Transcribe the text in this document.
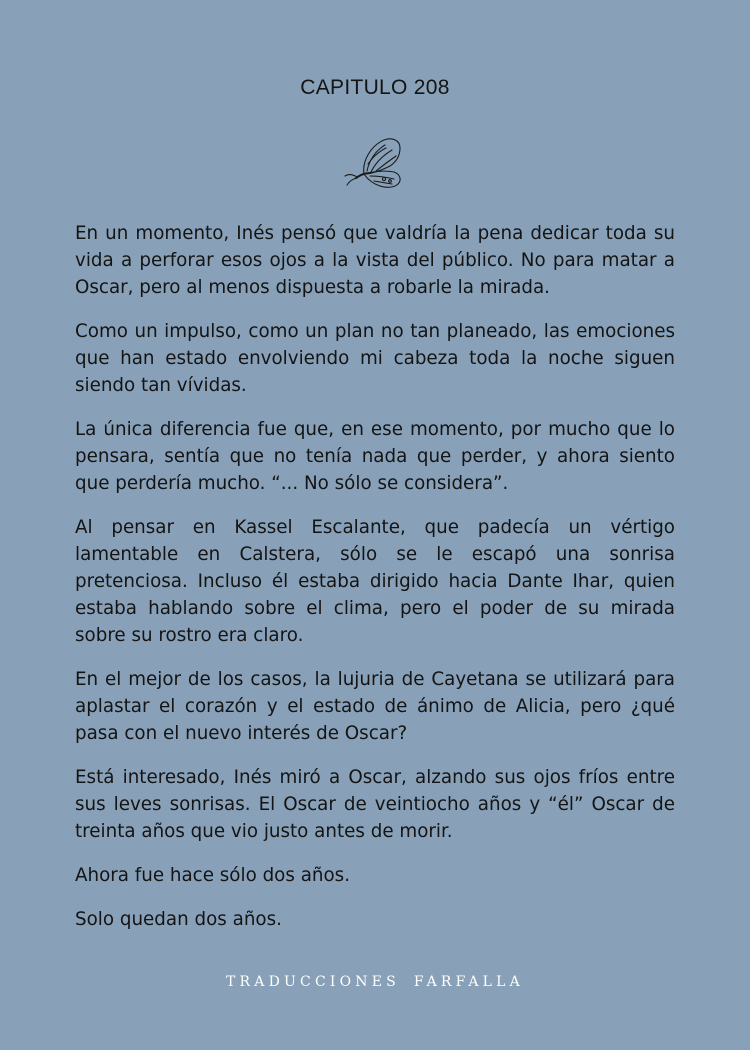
CAPITULO 208

En un momento, Inés pensó que valdría la pena dedicar toda su vida a perforar esos ojos a la vista del público. No para matar a Oscar, pero al menos dispuesta a robarle la mirada.

Como un impulso, como un plan no tan planeado, las emociones que han estado envolviendo mi cabeza toda la noche siguen siendo tan vívidas.

La única diferencia fue que, en ese momento, por mucho que lo pensara, sentía que no tenía nada que perder, y ahora siento que perdería mucho. “... No sólo se considera”.

Al pensar en Kassel Escalante, que padecía un vértigo lamentable en Calstera, sólo se le escapó una sonrisa pretenciosa. Incluso él estaba dirigido hacia Dante Ihar, quien estaba hablando sobre el clima, pero el poder de su mirada sobre su rostro era claro.

En el mejor de los casos, la lujuria de Cayetana se utilizará para aplastar el corazón y el estado de ánimo de Alicia, pero ¿qué pasa con el nuevo interés de Oscar?

Está interesado, Inés miró a Oscar, alzando sus ojos fríos entre sus leves sonrisas. El Oscar de veintiocho años y “él” Oscar de treinta años que vio justo antes de morir.

Ahora fue hace sólo dos años.

Solo quedan dos años.

TRADUCCIONES FARFALLA
